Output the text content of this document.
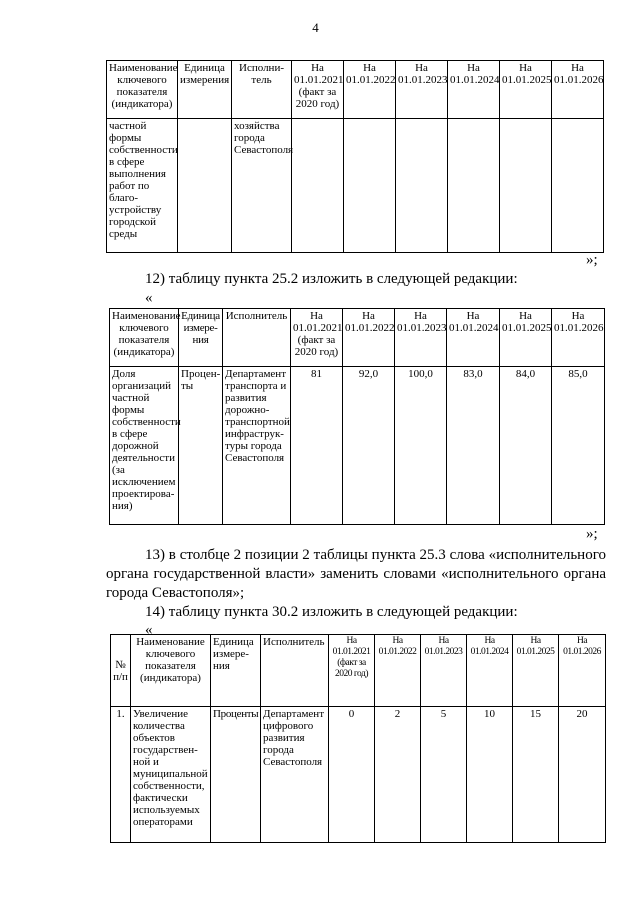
4
Наименование ключевого показателя (индикатора)	Единица измерения	Исполни-тель	На 01.01.2021 (факт за 2020 год)	На 01.01.2022	На 01.01.2023	На 01.01.2024	На 01.01.2025	На 01.01.2026
частной формы собственности в сфере выполнения работ по благо-устройству городской среды		хозяйства города Севастополя						
»;
12) таблицу пункта 25.2 изложить в следующей редакции:
«
Наименование ключевого показателя (индикатора)	Единица измере-ния	Исполнитель	На 01.01.2021 (факт за 2020 год)	На 01.01.2022	На 01.01.2023	На 01.01.2024	На 01.01.2025	На 01.01.2026
Доля организаций частной формы собственности в сфере дорожной деятельности (за исключением проектирова-ния)	Процен-ты	Департамент транспорта и развития дорожно-транспортной инфраструк-туры города Севастополя	81	92,0	100,0	83,0	84,0	85,0
»;
13) в столбце 2 позиции 2 таблицы пункта 25.3 слова «исполнительного органа государственной власти» заменить словами «исполнительного органа города Севастополя»;
14) таблицу пункта 30.2 изложить в следующей редакции:
«
№ п/п	Наименование ключевого показателя (индикатора)	Единица измере-ния	Исполнитель	На 01.01.2021 (факт за 2020 год)	На 01.01.2022	На 01.01.2023	На 01.01.2024	На 01.01.2025	На 01.01.2026
1.	Увеличение количества объектов государствен-ной и муниципальной собственности, фактически используемых операторами	Проценты	Департамент цифрового развития города Севастополя	0	2	5	10	15	20
